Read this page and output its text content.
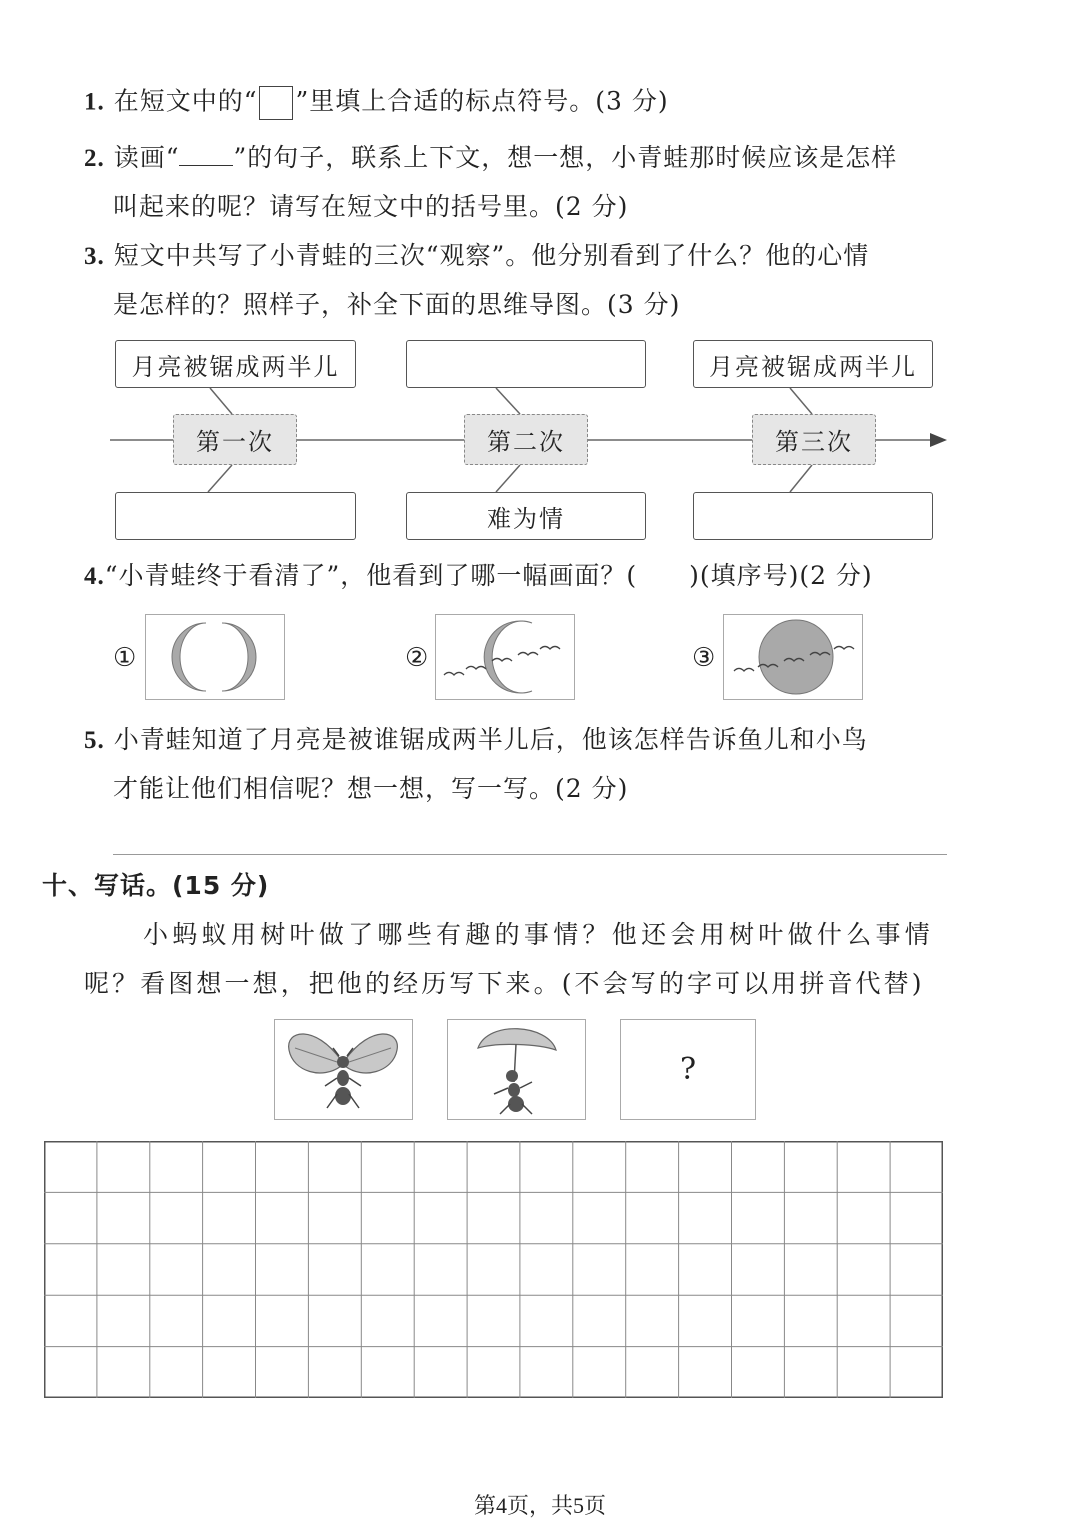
1. 在短文中的“ ”里填上合适的标点符号。(3 分)
2. 读画“ ”的句子，联系上下文，想一想，小青蛙那时候应该是怎样
叫起来的呢？请写在短文中的括号里。(2 分)
3. 短文中共写了小青蛙的三次“观察”。他分别看到了什么？他的心情
是怎样的？照样子，补全下面的思维导图。(3 分)
月亮被锯成两半儿	月亮被锯成两半儿
第一次	第二次	第三次
难为情
4.“小青蛙终于看清了”，他看到了哪一幅画面？(　　)(填序号)(2 分)
①	②	③
5. 小青蛙知道了月亮是被谁锯成两半儿后，他该怎样告诉鱼儿和小鸟
才能让他们相信呢？想一想，写一写。(2 分)
十、写话。(15 分)
小蚂蚁用树叶做了哪些有趣的事情？他还会用树叶做什么事情
呢？看图想一想，把他的经历写下来。(不会写的字可以用拼音代替)
?
第4页，共5页
